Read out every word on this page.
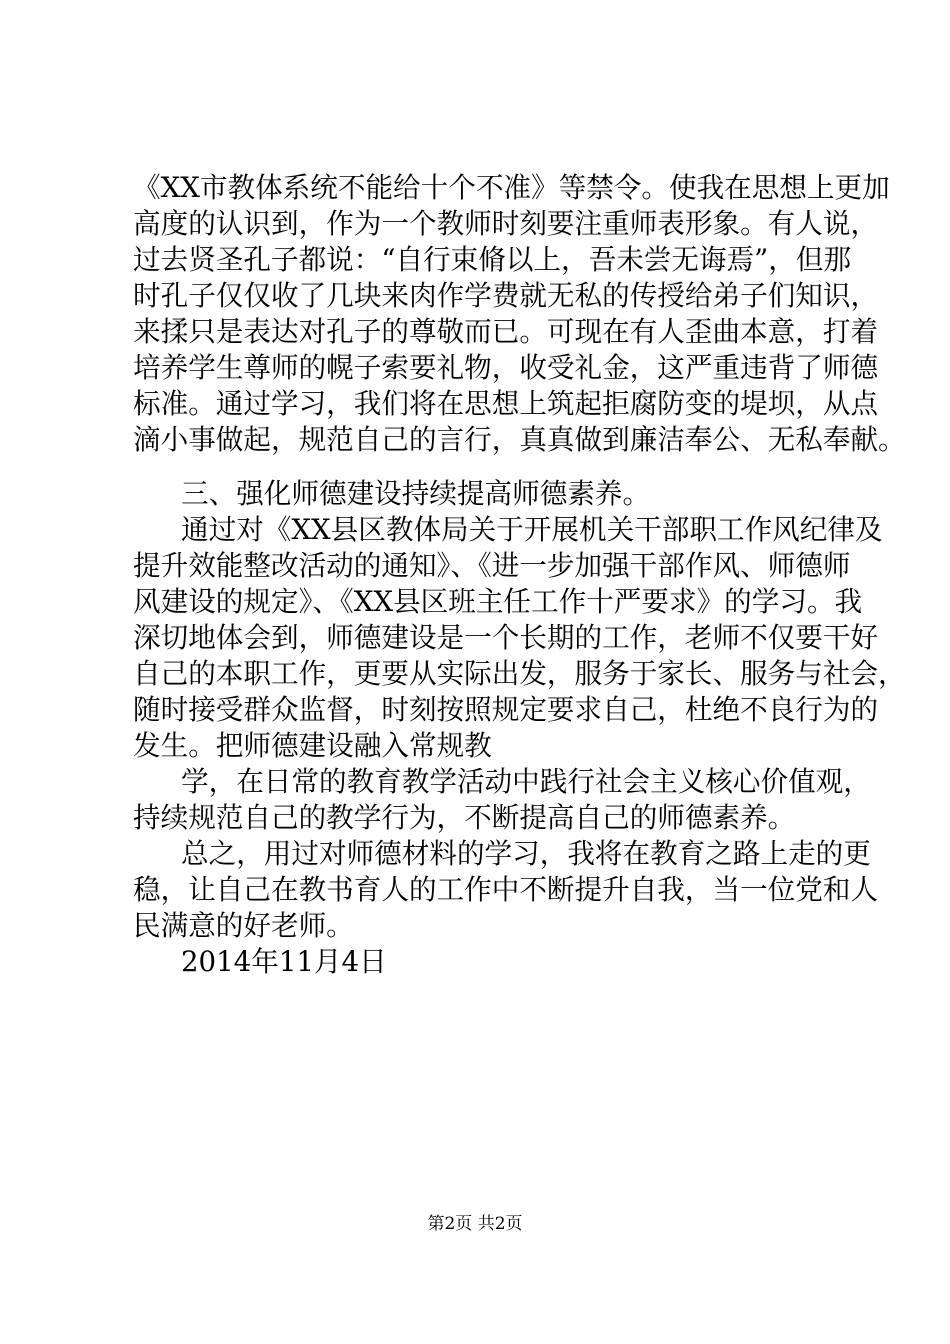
《XX市教体系统不能给十个不准》等禁令。使我在思想上更加

高度的认识到，作为一个教师时刻要注重师表形象。有人说，

过去贤圣孔子都说：“自行束脩以上，吾未尝无诲焉”，但那

时孔子仅仅收了几块来肉作学费就无私的传授给弟子们知识，

来揉只是表达对孔子的尊敬而已。可现在有人歪曲本意，打着

培养学生尊师的幌子索要礼物，收受礼金，这严重违背了师德

标准。通过学习，我们将在思想上筑起拒腐防变的堤坝，从点

滴小事做起，规范自己的言行，真真做到廉洁奉公、无私奉献。

三、强化师德建设持续提高师德素养。

通过对《XX县区教体局关于开展机关干部职工作风纪律及

提升效能整改活动的通知》、《进一步加强干部作风、师德师

风建设的规定》、《XX县区班主任工作十严要求》的学习。我

深切地体会到，师德建设是一个长期的工作，老师不仅要干好

自己的本职工作，更要从实际出发，服务于家长、服务与社会，

随时接受群众监督，时刻按照规定要求自己，杜绝不良行为的

发生。把师德建设融入常规教

学，在日常的教育教学活动中践行社会主义核心价值观，

持续规范自己的教学行为，不断提高自己的师德素养。

总之，用过对师德材料的学习，我将在教育之路上走的更

稳，让自己在教书育人的工作中不断提升自我，当一位党和人

民满意的好老师。

2014年11月4日

第2页 共2页
